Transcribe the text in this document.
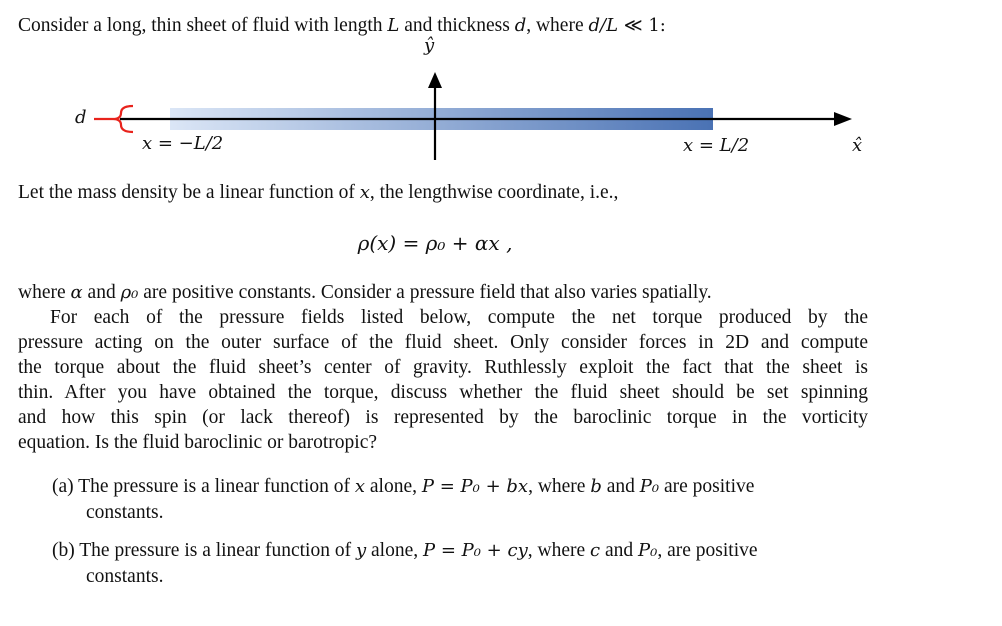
Consider a long, thin sheet of fluid with length L and thickness d, where d/L ≪ 1:
ŷ
x̂
d
x = −L/2	x = L/2
Let the mass density be a linear function of x, the lengthwise coordinate, i.e.,
ρ(x) = ρ₀ + αx ,
where α and ρ₀ are positive constants. Consider a pressure field that also varies spatially.
For each of the pressure fields listed below, compute the net torque produced by the
pressure acting on the outer surface of the fluid sheet. Only consider forces in 2D and compute
the torque about the fluid sheet’s center of gravity. Ruthlessly exploit the fact that the sheet is
thin. After you have obtained the torque, discuss whether the fluid sheet should be set spinning
and how this spin (or lack thereof) is represented by the baroclinic torque in the vorticity
equation. Is the fluid baroclinic or barotropic?
(a) The pressure is a linear function of x alone, P = P₀ + bx, where b and P₀ are positive
constants.
(b) The pressure is a linear function of y alone, P = P₀ + cy, where c and P₀, are positive
constants.
